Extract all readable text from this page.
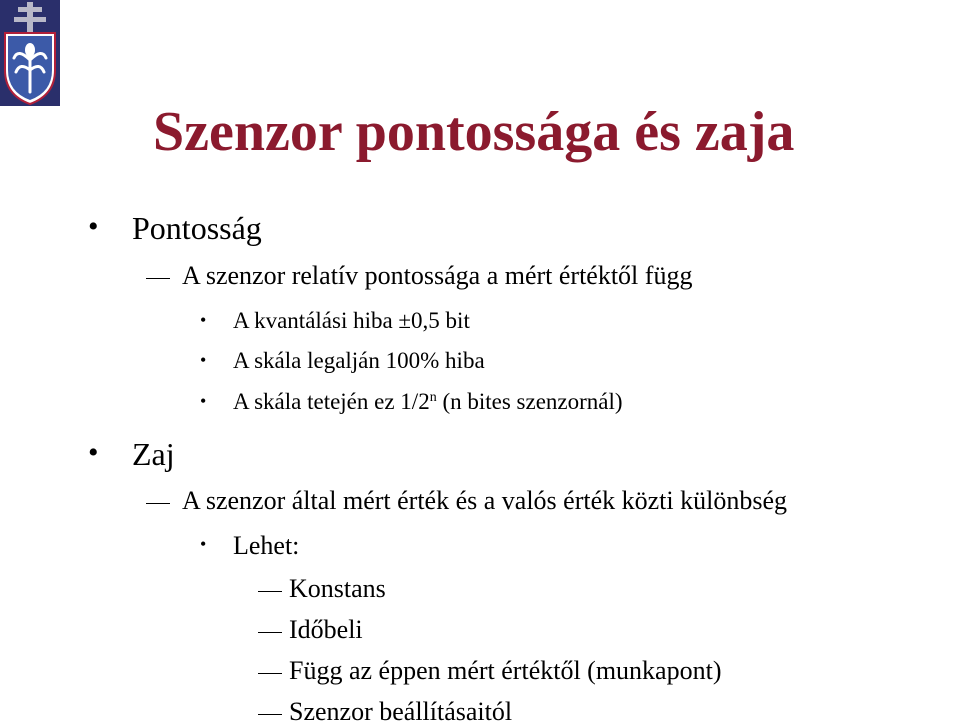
Szenzor pontossága és zaja
• Pontosság
A szenzor relatív pontossága a mért értéktől függ
• A kvantálási hiba ±0,5 bit
• A skála legalján 100% hiba
• A skála tetején ez 1/2$^n$ (n bites szenzornál)
• Zaj
A szenzor által mért érték és a valós érték közti különbség
• Lehet:
Konstans
Időbeli
Függ az éppen mért értéktől (munkapont)
Szenzor beállításaitól
